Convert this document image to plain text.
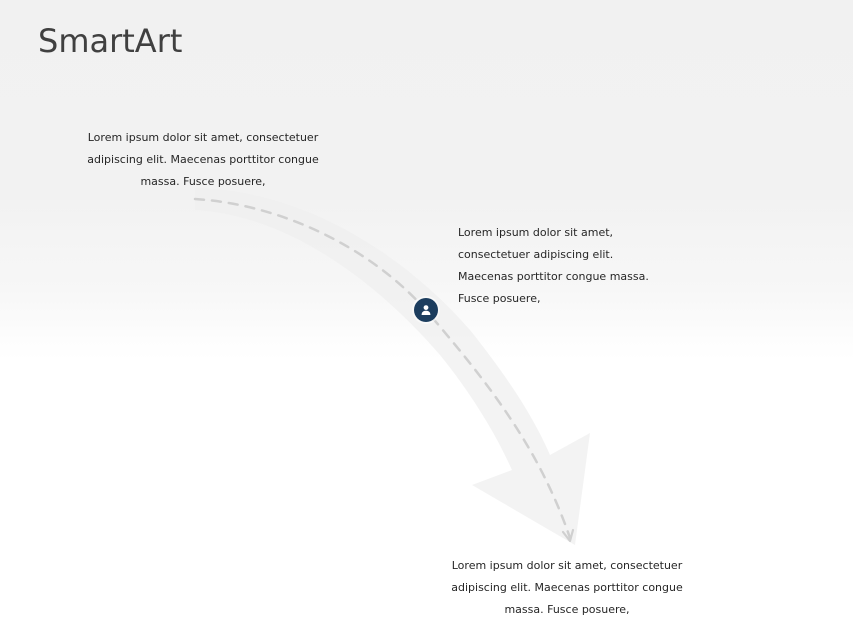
SmartArt
Lorem ipsum dolor sit amet, consectetuer
adipiscing elit. Maecenas porttitor congue
massa. Fusce posuere,
Lorem ipsum dolor sit amet,
consectetuer adipiscing elit.
Maecenas porttitor congue massa.
Fusce posuere,
Lorem ipsum dolor sit amet, consectetuer
adipiscing elit. Maecenas porttitor congue
massa. Fusce posuere,
